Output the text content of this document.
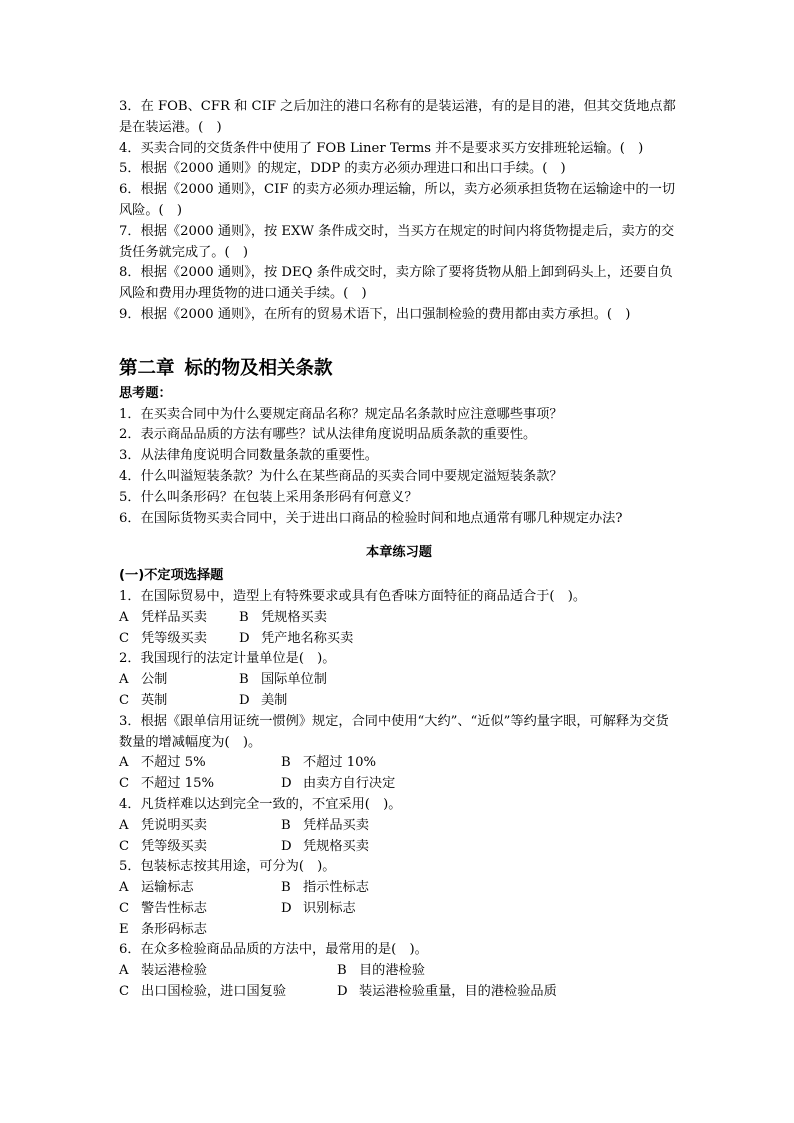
3．在 FOB、CFR 和 CIF 之后加注的港口名称有的是装运港，有的是目的港，但其交货地点都是在装运港。(　)
4．买卖合同的交货条件中使用了 FOB Liner Terms 并不是要求买方安排班轮运输。(　)
5．根据《2000 通则》的规定，DDP 的卖方必须办理进口和出口手续。(　)
6．根据《2000 通则》，CIF 的卖方必须办理运输，所以，卖方必须承担货物在运输途中的一切风险。(　)
7．根据《2000 通则》，按 EXW 条件成交时，当买方在规定的时间内将货物提走后，卖方的交货任务就完成了。(　)
8．根据《2000 通则》，按 DEQ 条件成交时，卖方除了要将货物从船上卸到码头上，还要自负风险和费用办理货物的进口通关手续。(　)
9．根据《2000 通则》，在所有的贸易术语下，出口强制检验的费用都由卖方承担。(　)
第二章 标的物及相关条款
思考题：
1．在买卖合同中为什么要规定商品名称？规定品名条款时应注意哪些事项？
2．表示商品品质的方法有哪些？试从法律角度说明品质条款的重要性。
3．从法律角度说明合同数量条款的重要性。
4．什么叫溢短装条款？为什么在某些商品的买卖合同中要规定溢短装条款？
5．什么叫条形码？在包装上采用条形码有何意义？
6．在国际货物买卖合同中，关于进出口商品的检验时间和地点通常有哪几种规定办法?
本章练习题
(一)不定项选择题
1．在国际贸易中，造型上有特殊要求或具有色香味方面特征的商品适合于(　)。
A 凭样品买卖 B 凭规格买卖
C 凭等级买卖 D 凭产地名称买卖
2．我国现行的法定计量单位是(　)。
A 公制	B 国际单位制
C 英制	D 美制
3．根据《跟单信用证统一惯例》规定，合同中使用“大约”、“近似”等约量字眼，可解释为交货数量的增减幅度为(　)。
A 不超过 5%	B 不超过 10%
C 不超过 15%	D 由卖方自行决定
4．凡货样难以达到完全一致的，不宜采用(　)。
A 凭说明买卖	B 凭样品买卖
C 凭等级买卖	D 凭规格买卖
5．包装标志按其用途，可分为(　)。
A 运输标志	B 指示性标志
C 警告性标志	D 识别标志
E 条形码标志
6．在众多检验商品品质的方法中，最常用的是(　)。
A 装运港检验	B 目的港检验
C 出口国检验，进口国复验	D 装运港检验重量，目的港检验品质
